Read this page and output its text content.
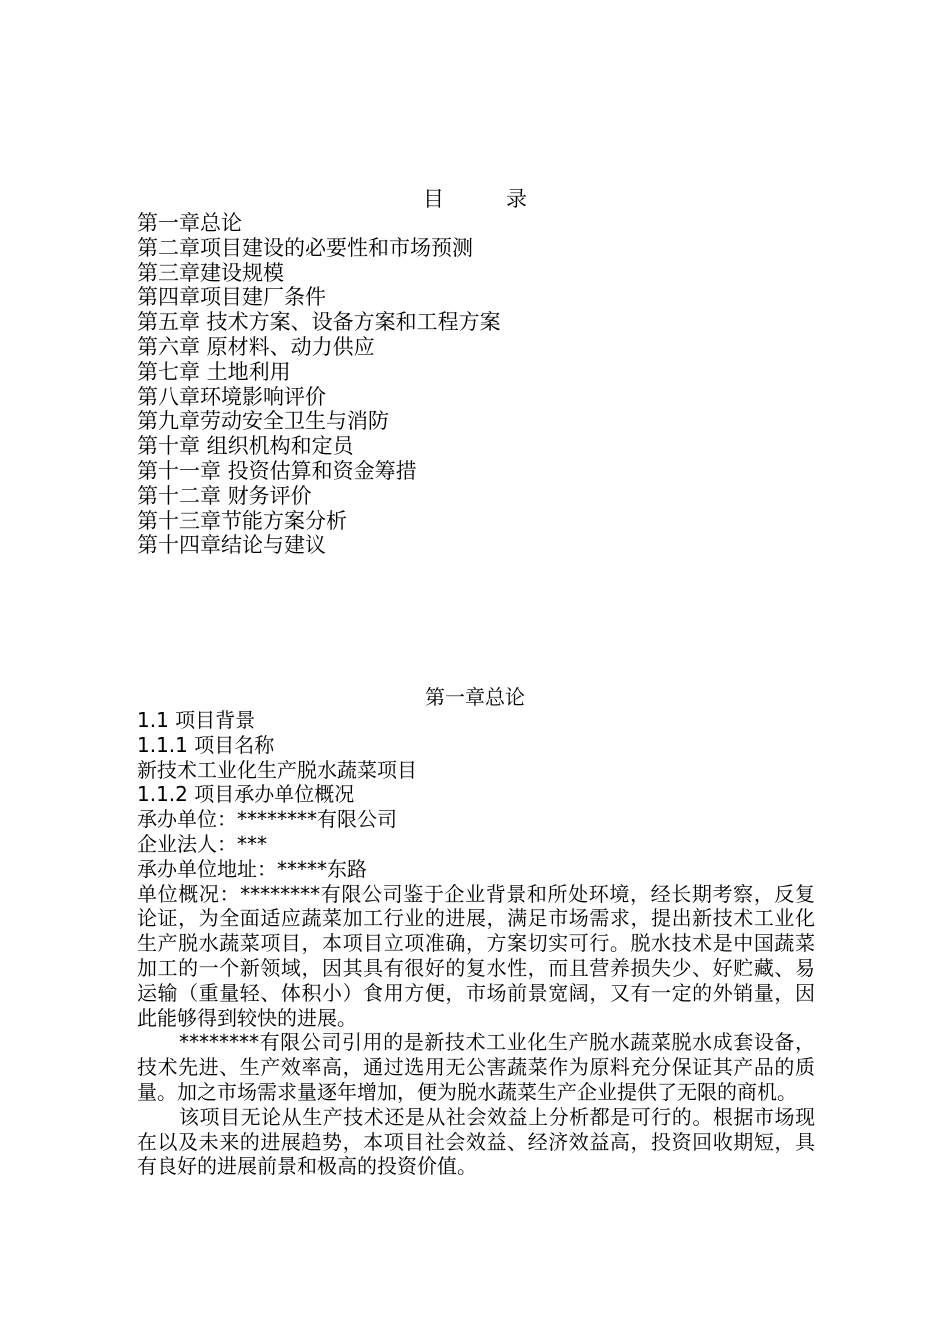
目录
第一章总论
第二章项目建设的必要性和市场预测
第三章建设规模
第四章项目建厂条件
第五章 技术方案、设备方案和工程方案
第六章 原材料、动力供应
第七章 土地利用
第八章环境影响评价
第九章劳动安全卫生与消防
第十章 组织机构和定员
第十一章 投资估算和资金筹措
第十二章 财务评价
第十三章节能方案分析
第十四章结论与建议
第一章总论

1.1 项目背景

1.1.1 项目名称

新技术工业化生产脱水蔬菜项目

1.1.2 项目承办单位概况

承办单位：********有限公司

企业法人：***

承办单位地址：*****东路

单位概况：********有限公司鉴于企业背景和所处环境，经长期考察，反复论证，为全面适应蔬菜加工行业的进展，满足市场需求，提出新技术工业化生产脱水蔬菜项目，本项目立项准确，方案切实可行。脱水技术是中国蔬菜加工的一个新领域，因其具有很好的复水性，而且营养损失少、好贮藏、易运输（重量轻、体积小）食用方便，市场前景宽阔，又有一定的外销量，因此能够得到较快的进展。

********有限公司引用的是新技术工业化生产脱水蔬菜脱水成套设备，技术先进、生产效率高，通过选用无公害蔬菜作为原料充分保证其产品的质量。加之市场需求量逐年增加，便为脱水蔬菜生产企业提供了无限的商机。

该项目无论从生产技术还是从社会效益上分析都是可行的。根据市场现在以及未来的进展趋势，本项目社会效益、经济效益高，投资回收期短，具有良好的进展前景和极高的投资价值。
